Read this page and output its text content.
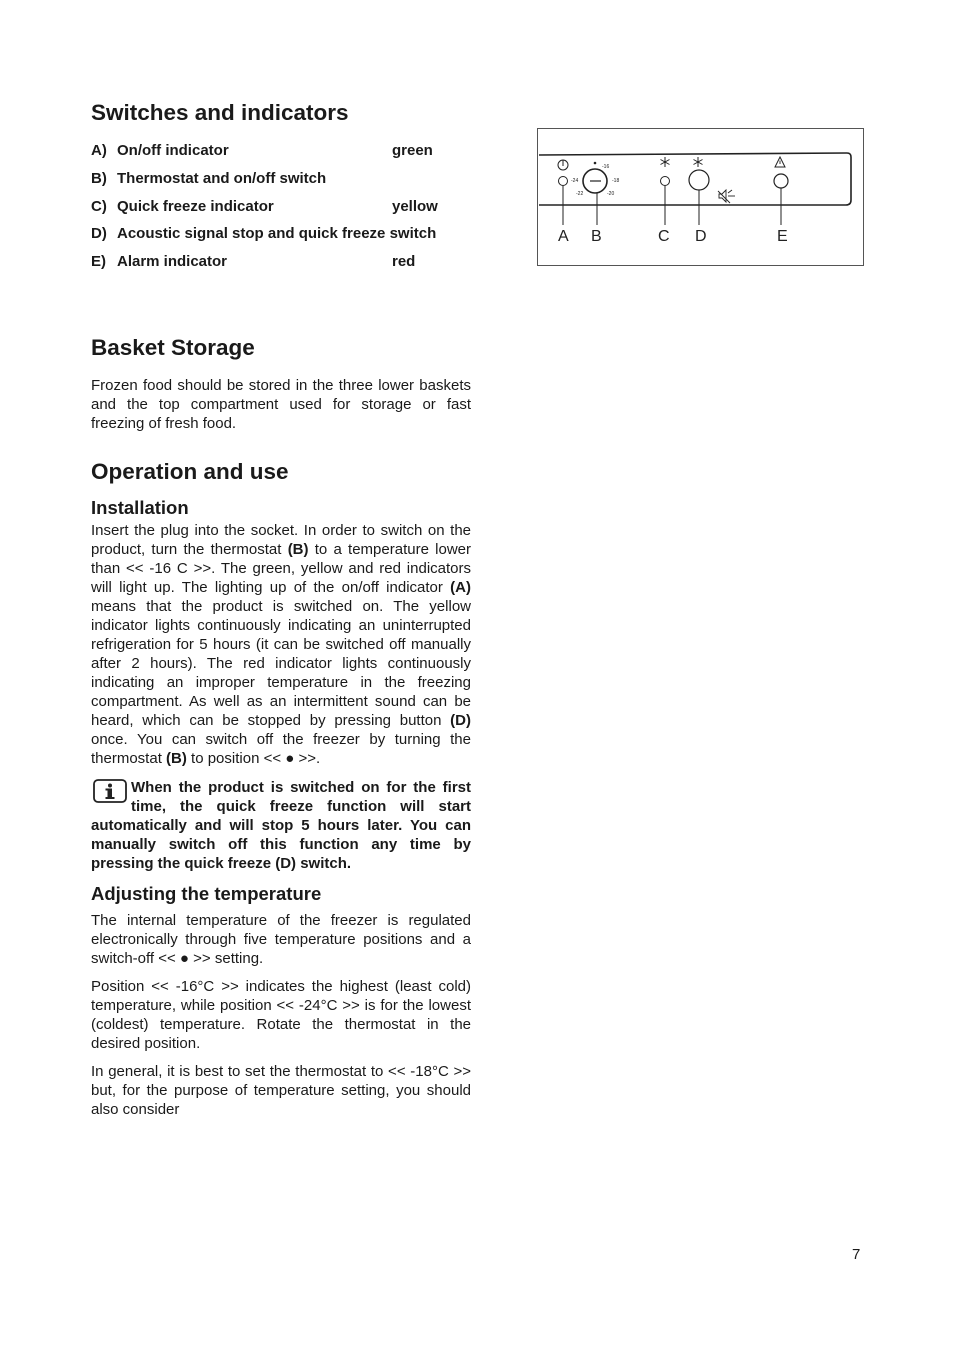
Switches and indicators
A) On/off indicator	green
B) Thermostat and on/off switch
C) Quick freeze indicator	yellow
D) Acoustic signal stop and quick freeze switch
E) Alarm indicator	red
-16
-18
-20
-22
-24
A B	C D	E
Basket Storage

Frozen food should be stored in the three lower baskets and the top compartment used for storage or fast freezing of fresh food.

Operation and use
Installation

Insert the plug into the socket. In order to switch on the product, turn the thermostat (B) to a temperature lower than << -16 C >>. The green, yellow and red indicators will light up. The lighting up of the on/off indicator (A) means that the product is switched on. The yellow indicator lights continuously indicating an uninterrupted refrigeration for 5 hours (it can be switched off manually after 2 hours). The red indicator lights continuously indicating an improper temperature in the freezing compartment. As well as an intermittent sound can be heard, which can be stopped by pressing button (D) once. You can switch off the freezer by turning the thermostat (B) to position << ● >>.

When the product is switched on for the first time, the quick freeze function will start automatically and will stop 5 hours later. You can manually switch off this function any time by pressing the quick freeze (D) switch.

Adjusting the temperature

The internal temperature of the freezer is regulated electronically through five temperature positions and a switch-off << ● >> setting.

Position << -16°C >> indicates the highest (least cold) temperature, while position << -24°C >> is for the lowest (coldest) temperature. Rotate the thermostat in the desired position.

In general, it is best to set the thermostat to << -18°C >> but, for the purpose of temperature setting, you should also consider

7
